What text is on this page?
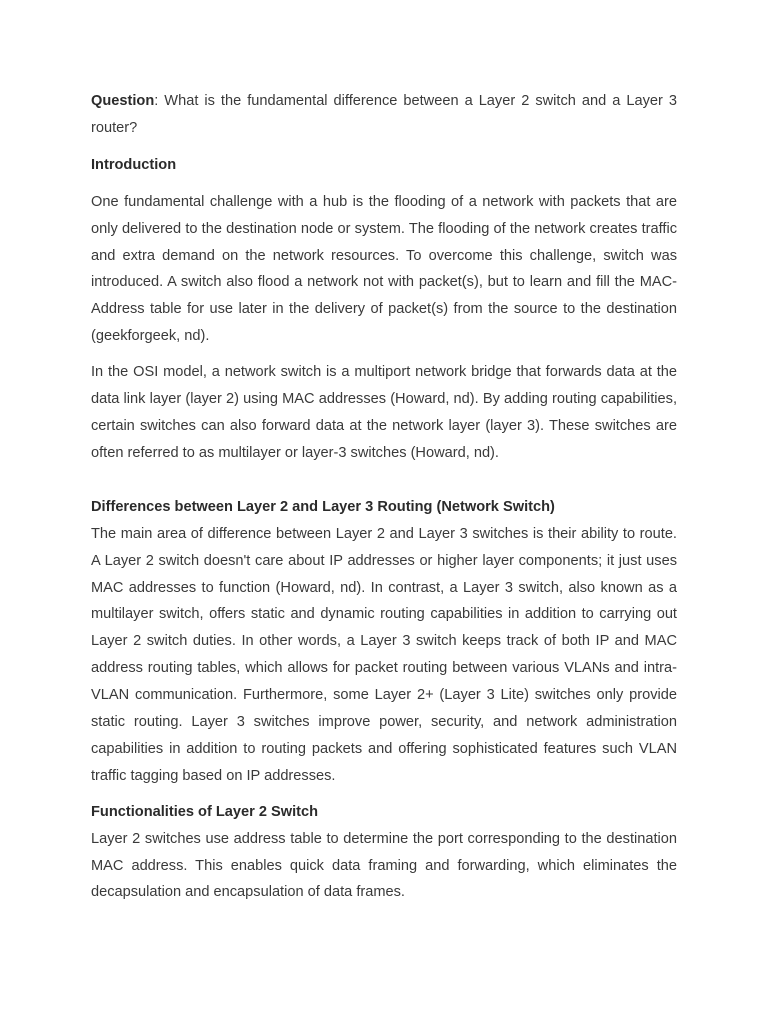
Question: What is the fundamental difference between a Layer 2 switch and a Layer 3 router?

Introduction

One fundamental challenge with a hub is the flooding of a network with packets that are only delivered to the destination node or system. The flooding of the network creates traffic and extra demand on the network resources. To overcome this challenge, switch was introduced. A switch also flood a network not with packet(s), but to learn and fill the MAC-Address table for use later in the delivery of packet(s) from the source to the destination (geekforgeek, nd).

In the OSI model, a network switch is a multiport network bridge that forwards data at the data link layer (layer 2) using MAC addresses (Howard, nd). By adding routing capabilities, certain switches can also forward data at the network layer (layer 3). These switches are often referred to as multilayer or layer-3 switches (Howard, nd).

Differences between Layer 2 and Layer 3 Routing (Network Switch)

The main area of difference between Layer 2 and Layer 3 switches is their ability to route. A Layer 2 switch doesn't care about IP addresses or higher layer components; it just uses MAC addresses to function (Howard, nd). In contrast, a Layer 3 switch, also known as a multilayer switch, offers static and dynamic routing capabilities in addition to carrying out Layer 2 switch duties. In other words, a Layer 3 switch keeps track of both IP and MAC address routing tables, which allows for packet routing between various VLANs and intra-VLAN communication. Furthermore, some Layer 2+ (Layer 3 Lite) switches only provide static routing. Layer 3 switches improve power, security, and network administration capabilities in addition to routing packets and offering sophisticated features such VLAN traffic tagging based on IP addresses.

Functionalities of Layer 2 Switch

Layer 2 switches use address table to determine the port corresponding to the destination MAC address. This enables quick data framing and forwarding, which eliminates the decapsulation and encapsulation of data frames.
